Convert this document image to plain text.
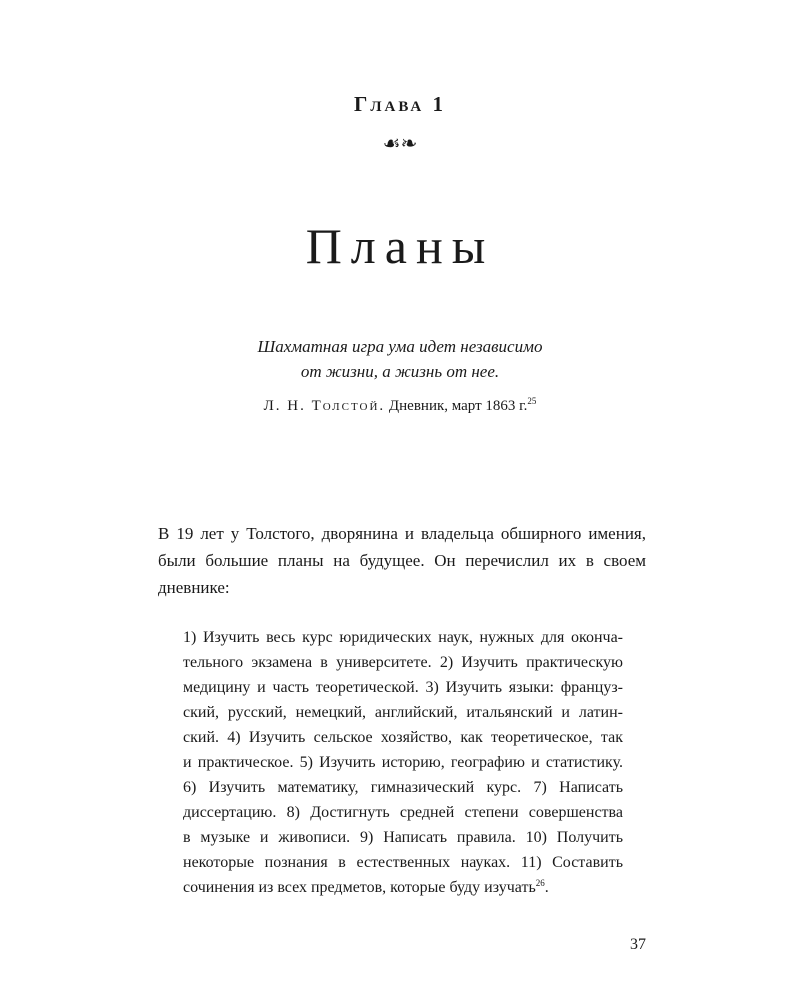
Глава 1
☙❧
Планы
Шахматная игра ума идет независимо
от жизни, а жизнь от нее.
Л. Н. Толстой. Дневник, март 1863 г.$^{25}$

В 19 лет у Толстого, дворянина и владельца обширного имения,
были большие планы на будущее. Он перечислил их в своем
дневнике:

1) Изучить весь курс юридических наук, нужных для оконча-
тельного экзамена в университете. 2) Изучить практическую
медицину и часть теоретической. 3) Изучить языки: француз-
ский, русский, немецкий, английский, итальянский и латин-
ский. 4) Изучить сельское хозяйство, как теоретическое, так
и практическое. 5) Изучить историю, географию и статистику.
6) Изучить математику, гимназический курс. 7) Написать
диссертацию. 8) Достигнуть средней степени совершенства
в музыке и живописи. 9) Написать правила. 10) Получить
некоторые познания в естественных науках. 11) Составить
сочинения из всех предметов, которые буду изучать$^{26}$.
37
